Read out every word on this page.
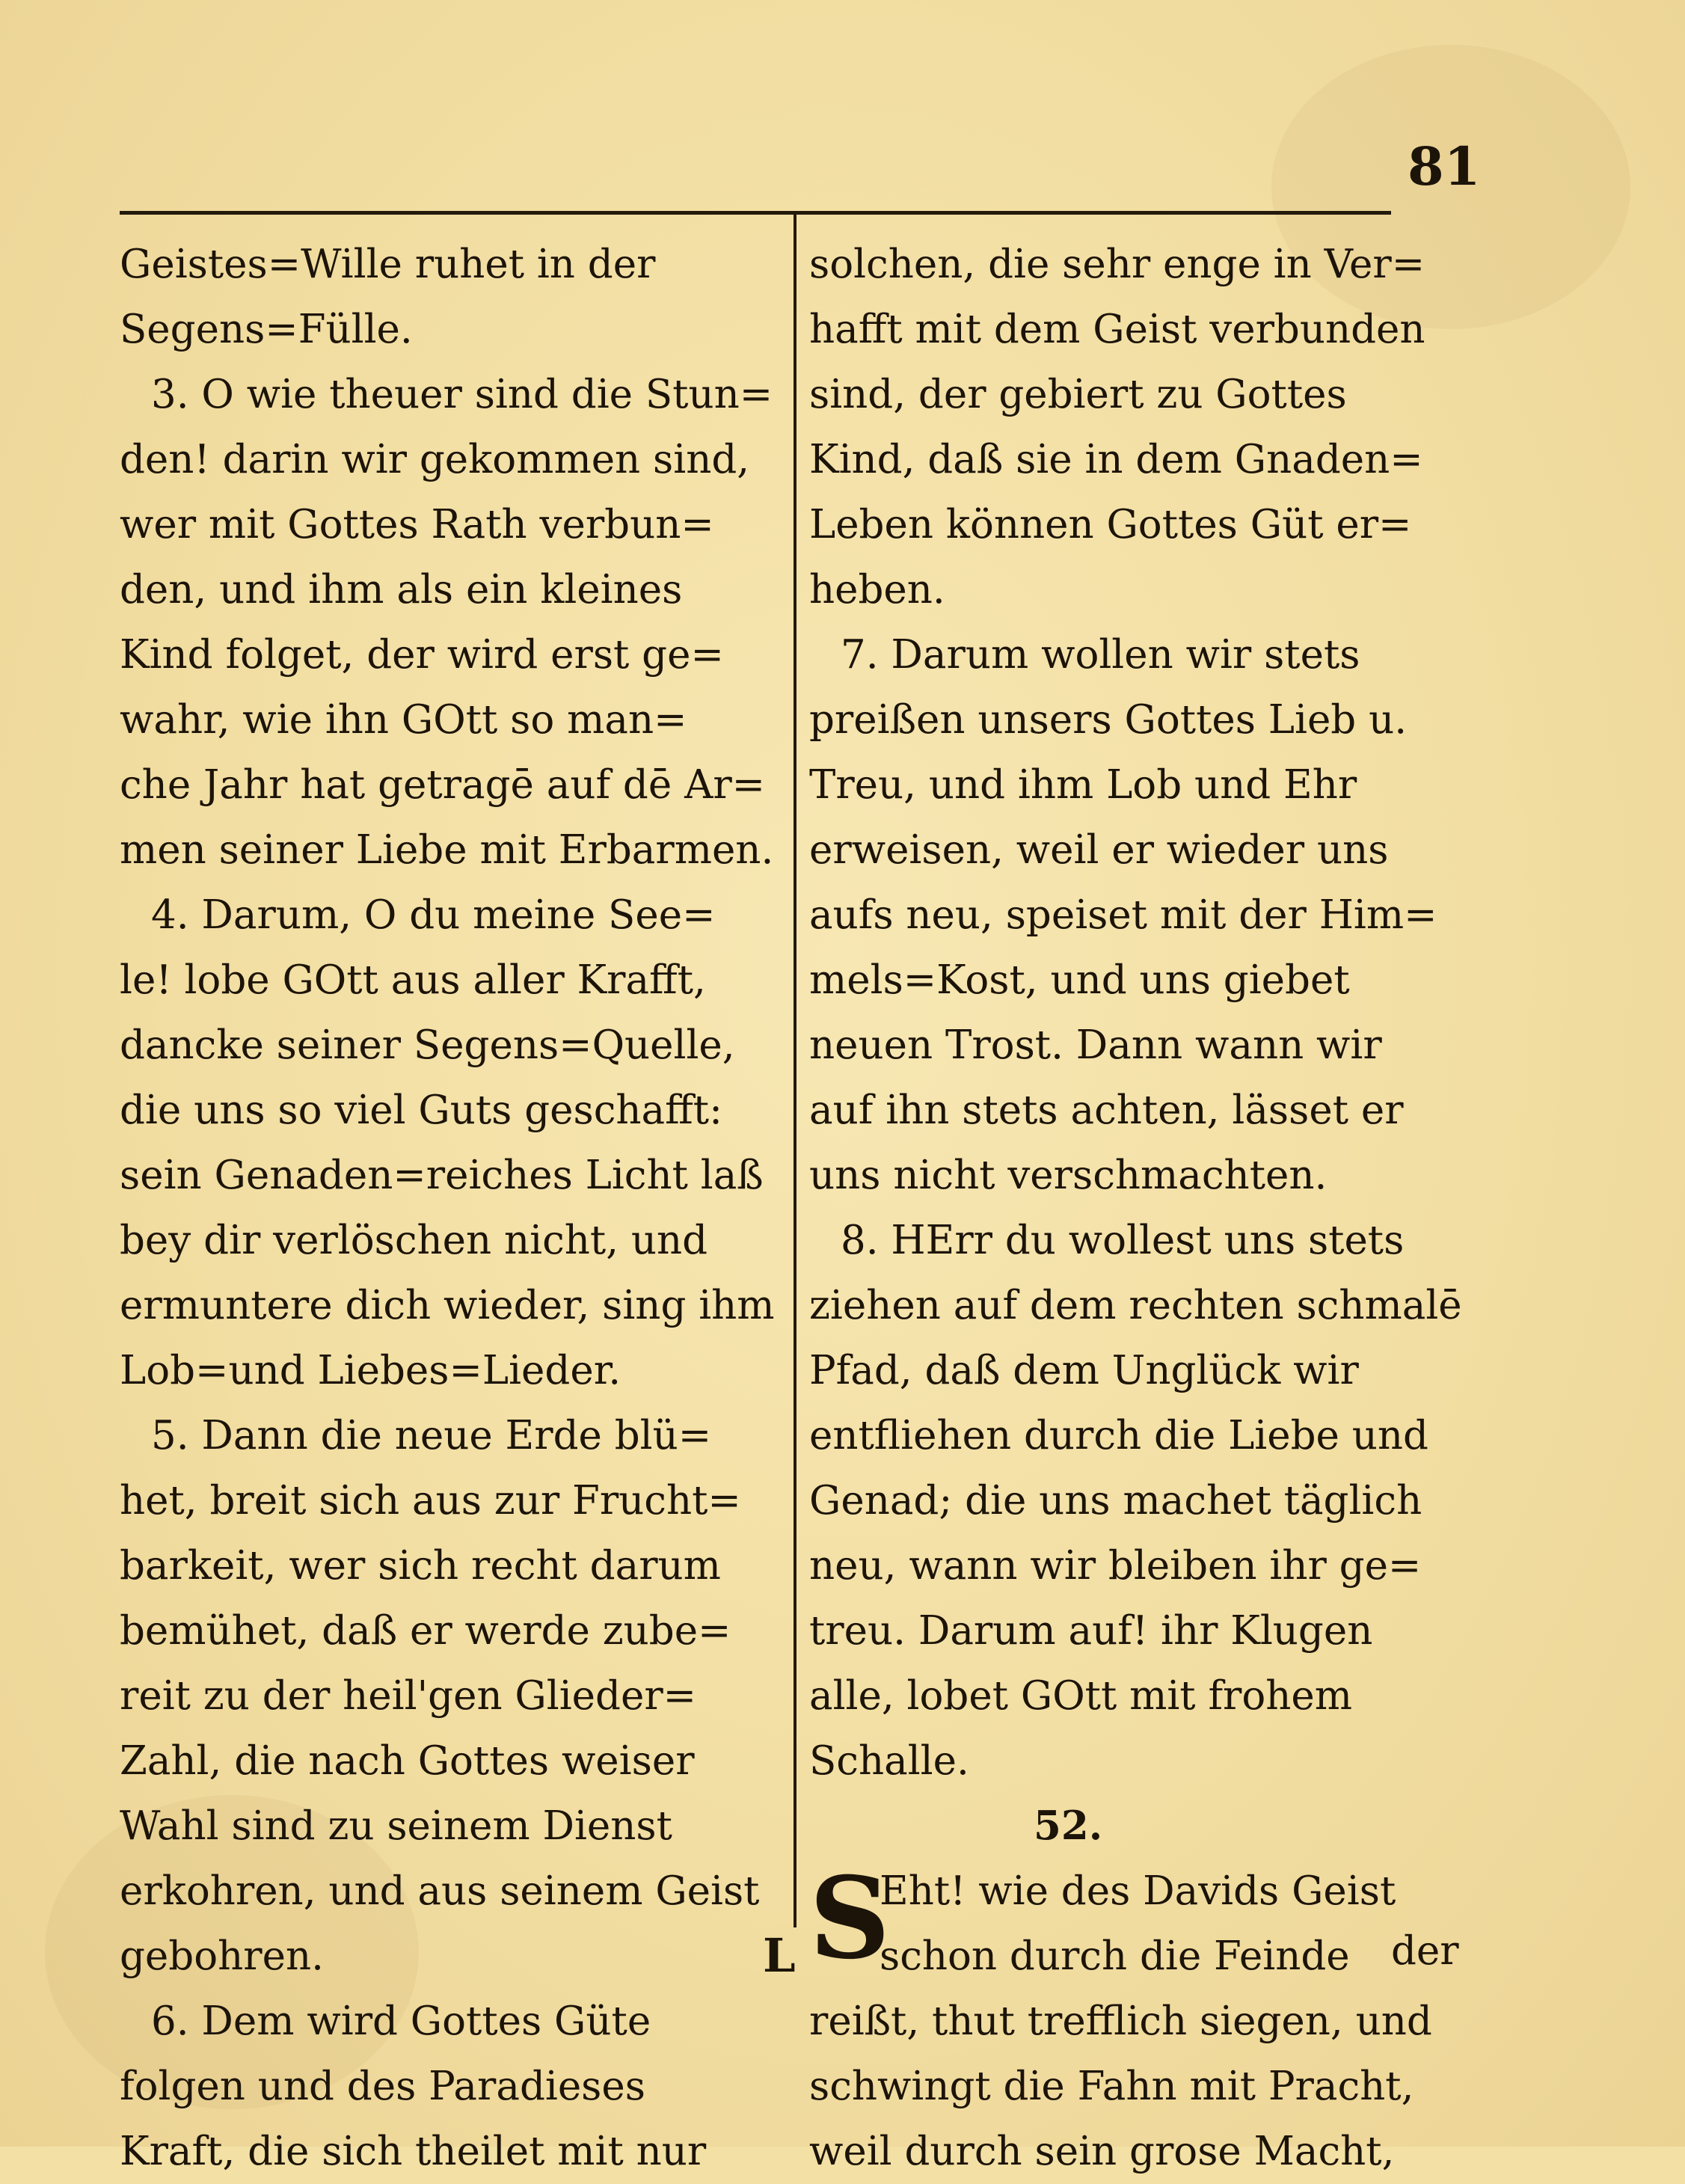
81
Geistes=Wille ruhet in der
Segens=Fülle.
3. O wie theuer sind die Stun=
den! darin wir gekommen sind,
wer mit Gottes Rath verbun=
den, und ihm als ein kleines
Kind folget, der wird erst ge=
wahr, wie ihn GOtt so man=
che Jahr hat getragē auf dē Ar=
men seiner Liebe mit Erbarmen.
4. Darum, O du meine See=
le! lobe GOtt aus aller Krafft,
dancke seiner Segens=Quelle,
die uns so viel Guts geschafft:
sein Genaden=reiches Licht laß
bey dir verlöschen nicht, und
ermuntere dich wieder, sing ihm
Lob=und Liebes=Lieder.
5. Dann die neue Erde blü=
het, breit sich aus zur Frucht=
barkeit, wer sich recht darum
bemühet, daß er werde zube=
reit zu der heil'gen Glieder=
Zahl, die nach Gottes weiser
Wahl sind zu seinem Dienst
erkohren, und aus seinem Geist
gebohren.
6. Dem wird Gottes Güte
folgen und des Paradieses
Kraft, die sich theilet mit nur
solchen, die sehr enge in Ver=
hafft mit dem Geist verbunden
sind, der gebiert zu Gottes
Kind, daß sie in dem Gnaden=
Leben können Gottes Güt er=
heben.
7. Darum wollen wir stets
preißen unsers Gottes Lieb u.
Treu, und ihm Lob und Ehr
erweisen, weil er wieder uns
aufs neu, speiset mit der Him=
mels=Kost, und uns giebet
neuen Trost. Dann wann wir
auf ihn stets achten, lässet er
uns nicht verschmachten.
8. HErr du wollest uns stets
ziehen auf dem rechten schmalē
Pfad, daß dem Unglück wir
entfliehen durch die Liebe und
Genad; die uns machet täglich
neu, wann wir bleiben ihr ge=
treu. Darum auf! ihr Klugen
alle, lobet GOtt mit frohem
Schalle.
52.
S
Eht! wie des Davids Geist
schon durch die Feinde
reißt, thut trefflich siegen, und
schwingt die Fahn mit Pracht,
weil durch sein grose Macht,
L	der
